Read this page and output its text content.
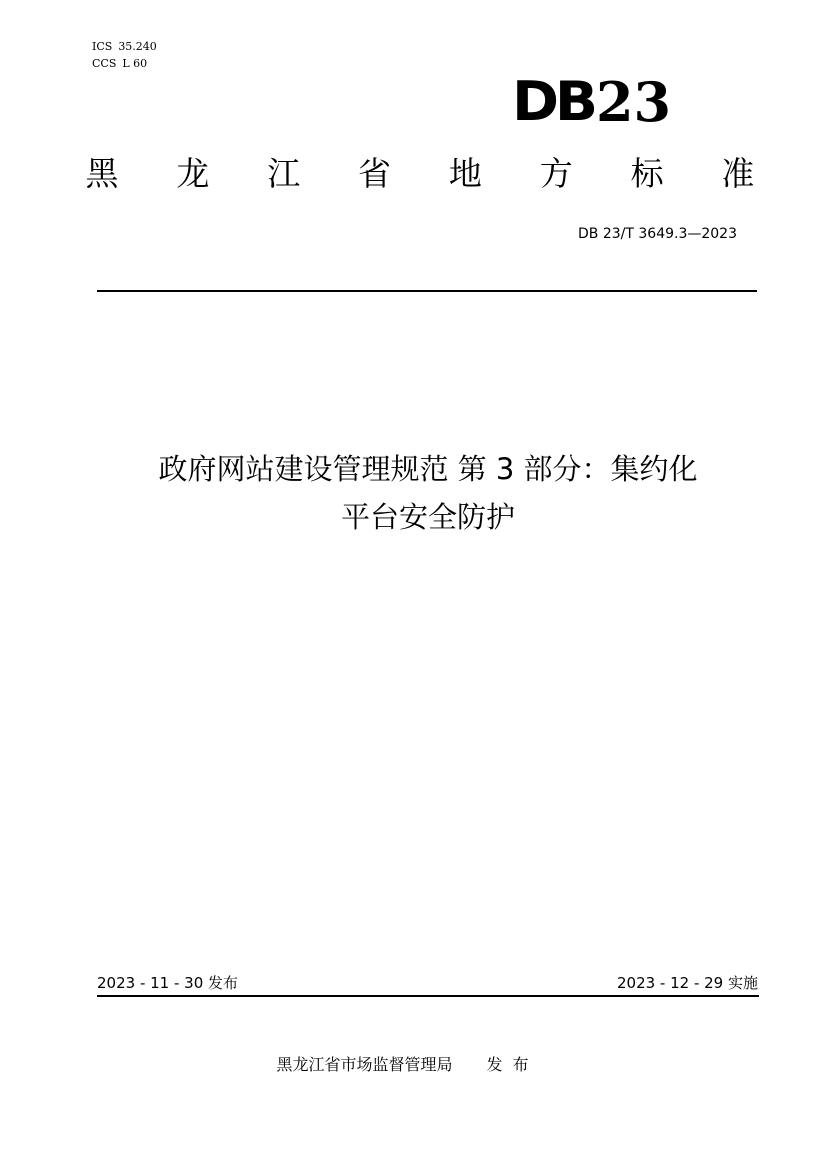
ICS 35.240
CCS L 60
DB23
黑 龙 江 省 地 方 标 准
DB 23/T 3649.3—2023
政府网站建设管理规范 第 3 部分：集约化
平台安全防护
2023 - 11 - 30 发布	2023 - 12 - 29 实施
黑龙江省市场监督管理局 发布
